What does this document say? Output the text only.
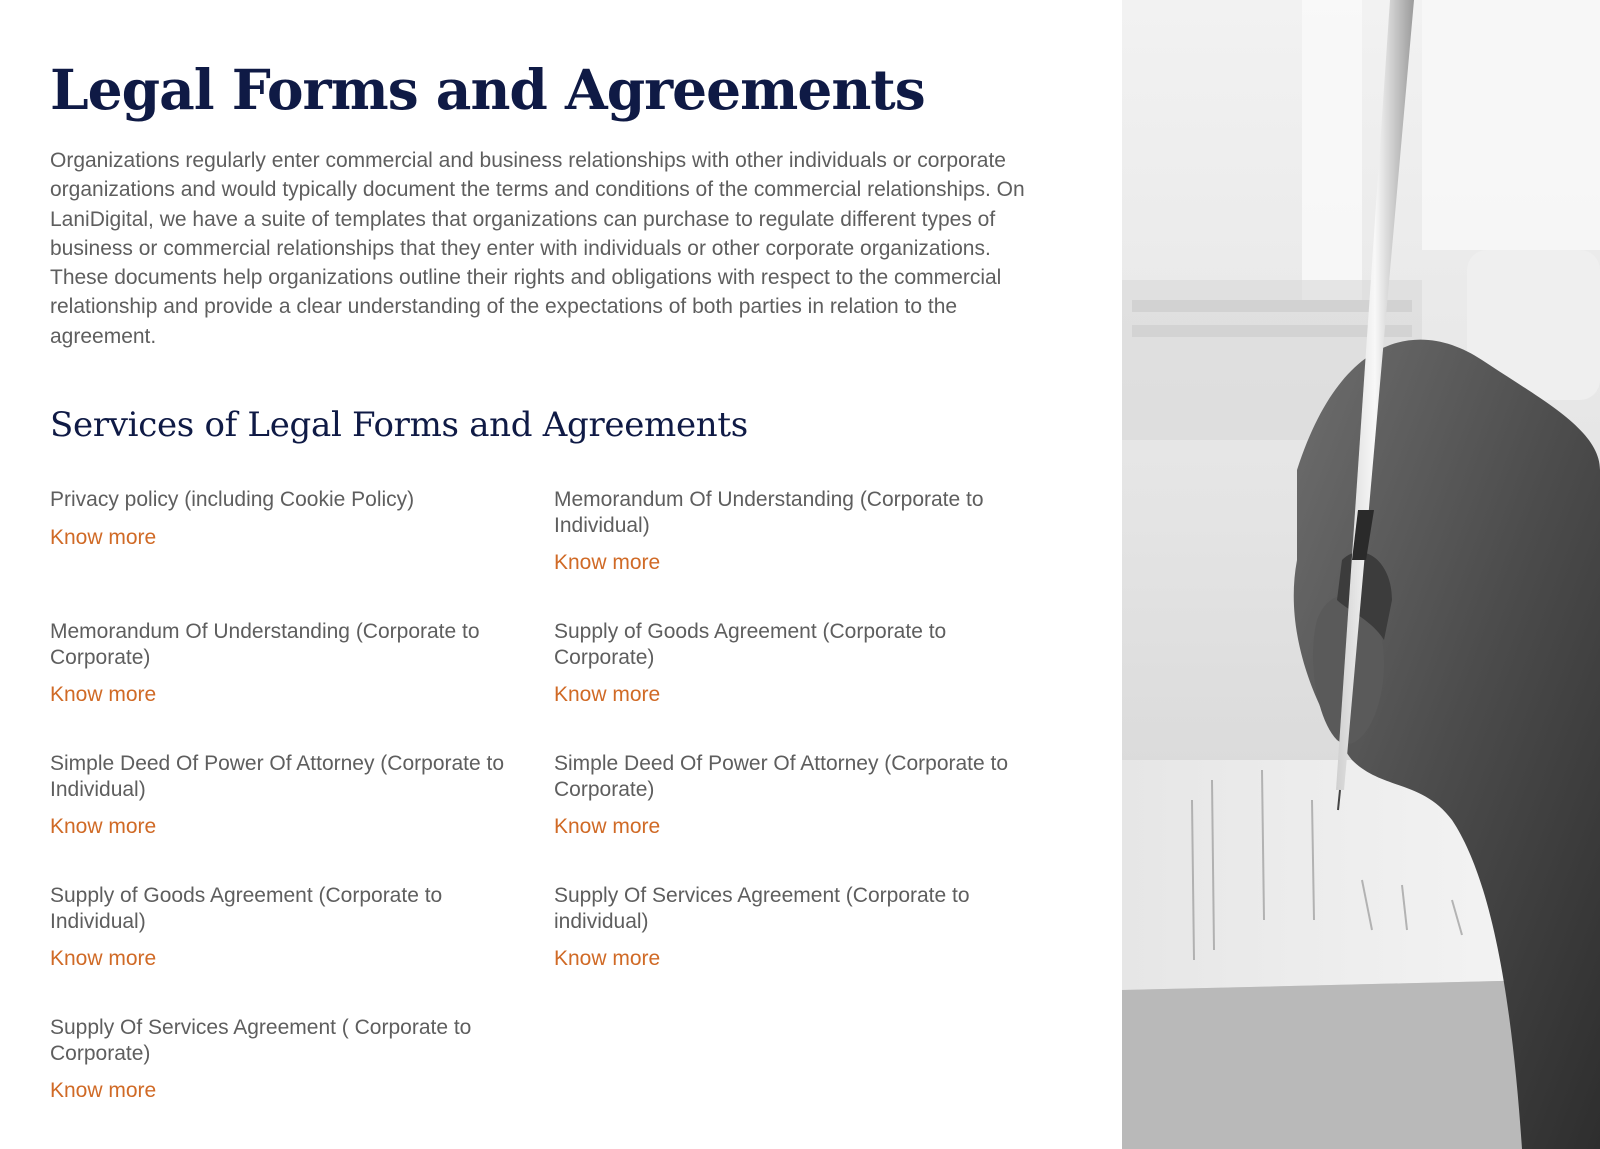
Legal Forms and Agreements

Organizations regularly enter commercial and business relationships with other individuals or corporate organizations and would typically document the terms and conditions of the commercial relationships. On LaniDigital, we have a suite of templates that organizations can purchase to regulate different types of business or commercial relationships that they enter with individuals or other corporate organizations. These documents help organizations outline their rights and obligations with respect to the commercial relationship and provide a clear understanding of the expectations of both parties in relation to the agreement.

Services of Legal Forms and Agreements

Privacy policy (including Cookie Policy)

Know more

Memorandum Of Understanding (Corporate to Individual)

Know more

Memorandum Of Understanding (Corporate to Corporate)

Know more

Supply of Goods Agreement (Corporate to Corporate)

Know more

Simple Deed Of Power Of Attorney (Corporate to Individual)

Know more

Simple Deed Of Power Of Attorney (Corporate to Corporate)

Know more

Supply of Goods Agreement (Corporate to Individual)

Know more

Supply Of Services Agreement (Corporate to individual)

Know more

Supply Of Services Agreement ( Corporate to Corporate)

Know more
